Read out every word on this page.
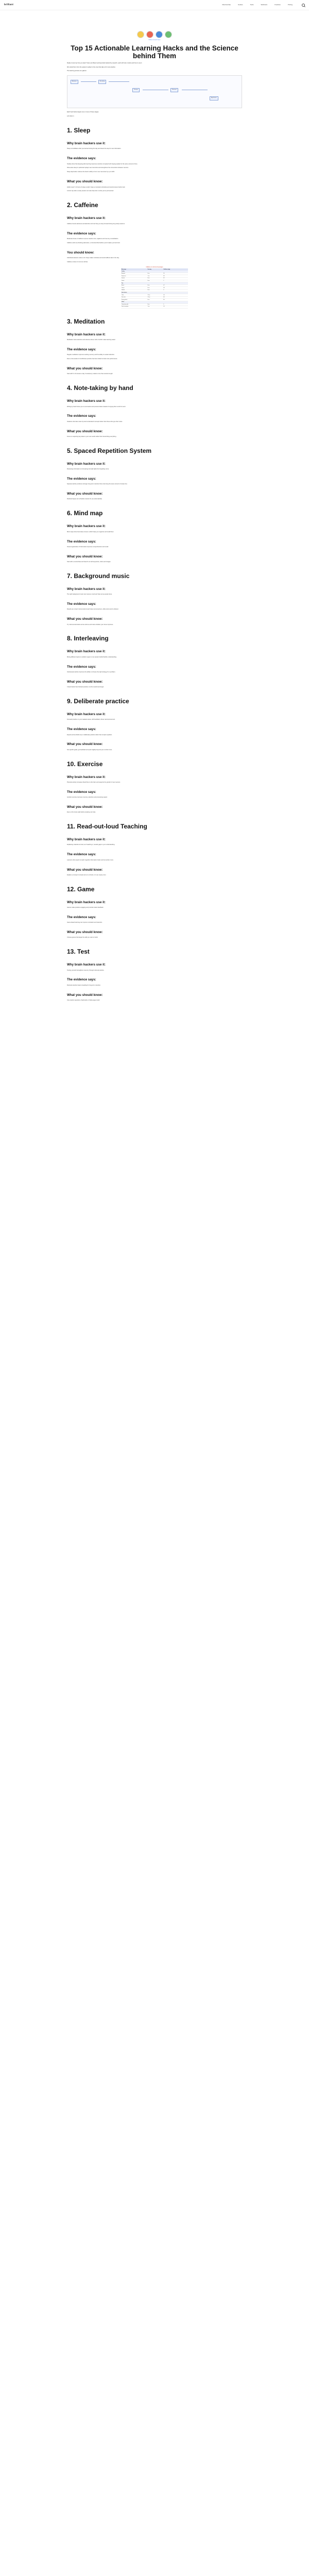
brilliant	Membership	Guides	Tools	Webinars	Freebies	Pricing
Brilliant Growth Team
Top 15 Actionable Learning Hacks and the Science behind Them

Ready to level up how you learn? Here are fifteen learning hacks backed by research, each with why it works and how to use it.

We sorted them from the easiest to adopt to the ones that take a bit more practice.

The learning process at a glance:

Attention	Encoding
Storage	Retrieval
Application

Each hack below targets one or more of these stages.

Let's dive in.

1. Sleep
Why brain hackers use it:

Sleep consolidates what you learned during the day and clears the way for new information.

The evidence says:

Studies show that sleeping after learning improves retention compared with staying awake for the same amount of time.

Slow-wave sleep in particular replays new memories and strengthens the connections between neurons.

Sleep deprivation reduces the brain's ability to form new memories by up to 40%.

What you should know:

Adults need 7–9 hours of sleep a night. Keep a consistent schedule and avoid screens before bed.

A short nap after a study session can also help lock in what you've just learned.

2. Caffeine
Why brain hackers use it:

Caffeine boosts alertness and attention and can help you stay focused during long study sessions.

The evidence says:

Moderate doses of caffeine improve reaction time, vigilance and memory consolidation.

Caffeine works by blocking adenosine, a chemical that builds up and makes you feel tired.

You should know:

Individual tolerance varies a lot. Keep intake moderate and avoid caffeine late in the day.

Caffeine content of common drinks:

Caffeine in common beverages
Beverage	Serving	Caffeine (mg)
Coffee		
Brewed	8 oz	95
Espresso	1 oz	63
Instant	8 oz	62
Decaf	8 oz	2
Tea		
Black	8 oz	47
Green	8 oz	28
Herbal	8 oz	0
Soft drinks		
Cola	12 oz	34
Diet cola	12 oz	46
Energy drink	8 oz	80
Other		
Chocolate milk	8 oz	5
Dark chocolate	1 oz	24
3. Meditation
Why brain hackers use it:

Meditation trains attention and reduces stress, both of which make learning easier.

The evidence says:

Regular meditation improves working memory and the ability to sustain attention.

Even a few weeks of mindfulness practice has been linked to better test performance.

What you should know:

Start with 5–10 minutes a day. Consistency matters more than session length.

4. Note-taking by hand
Why brain hackers use it:

Writing by hand forces you to summarize and process ideas instead of copying them word for word.

The evidence says:

Students who take notes by hand understand concepts better than those who type their notes.

What you should know:

Focus on capturing key ideas in your own words rather than transcribing everything.

5. Spaced Repetition System
Why brain hackers use it:

Reviewing information at increasing intervals fights the forgetting curve.

The evidence says:

Spaced practice produces stronger long-term retention than cramming the same amount of study time.

What you should know:

Flashcard apps can schedule reviews for you automatically.

6. Mind map
Why brain hackers use it:

Mind maps show how ideas connect, which helps you organize and recall them.

The evidence says:

Visual organization of information improves comprehension and recall.

What you should know:

Start with a central idea and branch out with keywords, colors and images.

7. Background music
Why brain hackers use it:

The right background music can improve mood and help some people focus.

The evidence says:

Results are mixed: instrumental music helps some learners, while lyrics tend to distract.

What you should know:

Try instrumental tracks at low volume and notice whether your focus improves.

8. Interleaving
Why brain hackers use it:

Mixing different topics or problem types in one session builds flexible understanding.

The evidence says:

Interleaved practice improves the ability to choose the right strategy for a problem.

What you should know:

It feels harder than blocked practice, but the results last longer.

9. Deliberate practice
Why brain hackers use it:

Focused practice on your weakest areas, with feedback, drives real improvement.

The evidence says:

Experts across fields rely on deliberate practice rather than simple repetition.

What you should know:

Set specific goals, get feedback and push slightly beyond your comfort zone.

10. Exercise
Why brain hackers use it:

Physical activity increases blood flow to the brain and supports the growth of new neurons.

The evidence says:

Aerobic exercise improves memory, attention and processing speed.

What you should know:

Even a 20-minute walk before studying can help.

11. Read-out-loud Teaching
Why brain hackers use it:

Explaining material out loud, as if teaching it, reveals gaps in your understanding.

The evidence says:

Learners who expect to teach organize information better and remember more.

What you should know:

Explain a concept in simple terms to a friend, or to an empty room.

12. Game
Why brain hackers use it:

Games make practice engaging and provide instant feedback.

The evidence says:

Game-based learning can improve motivation and retention.

What you should know:

Choose games that target the skill you want to build.

13. Test
Why brain hackers use it:

Testing yourself strengthens memory through retrieval practice.

The evidence says:

Retrieval practice beats rereading for long-term retention.

What you should know:

Use practice questions, flashcards or blank-page recall.
